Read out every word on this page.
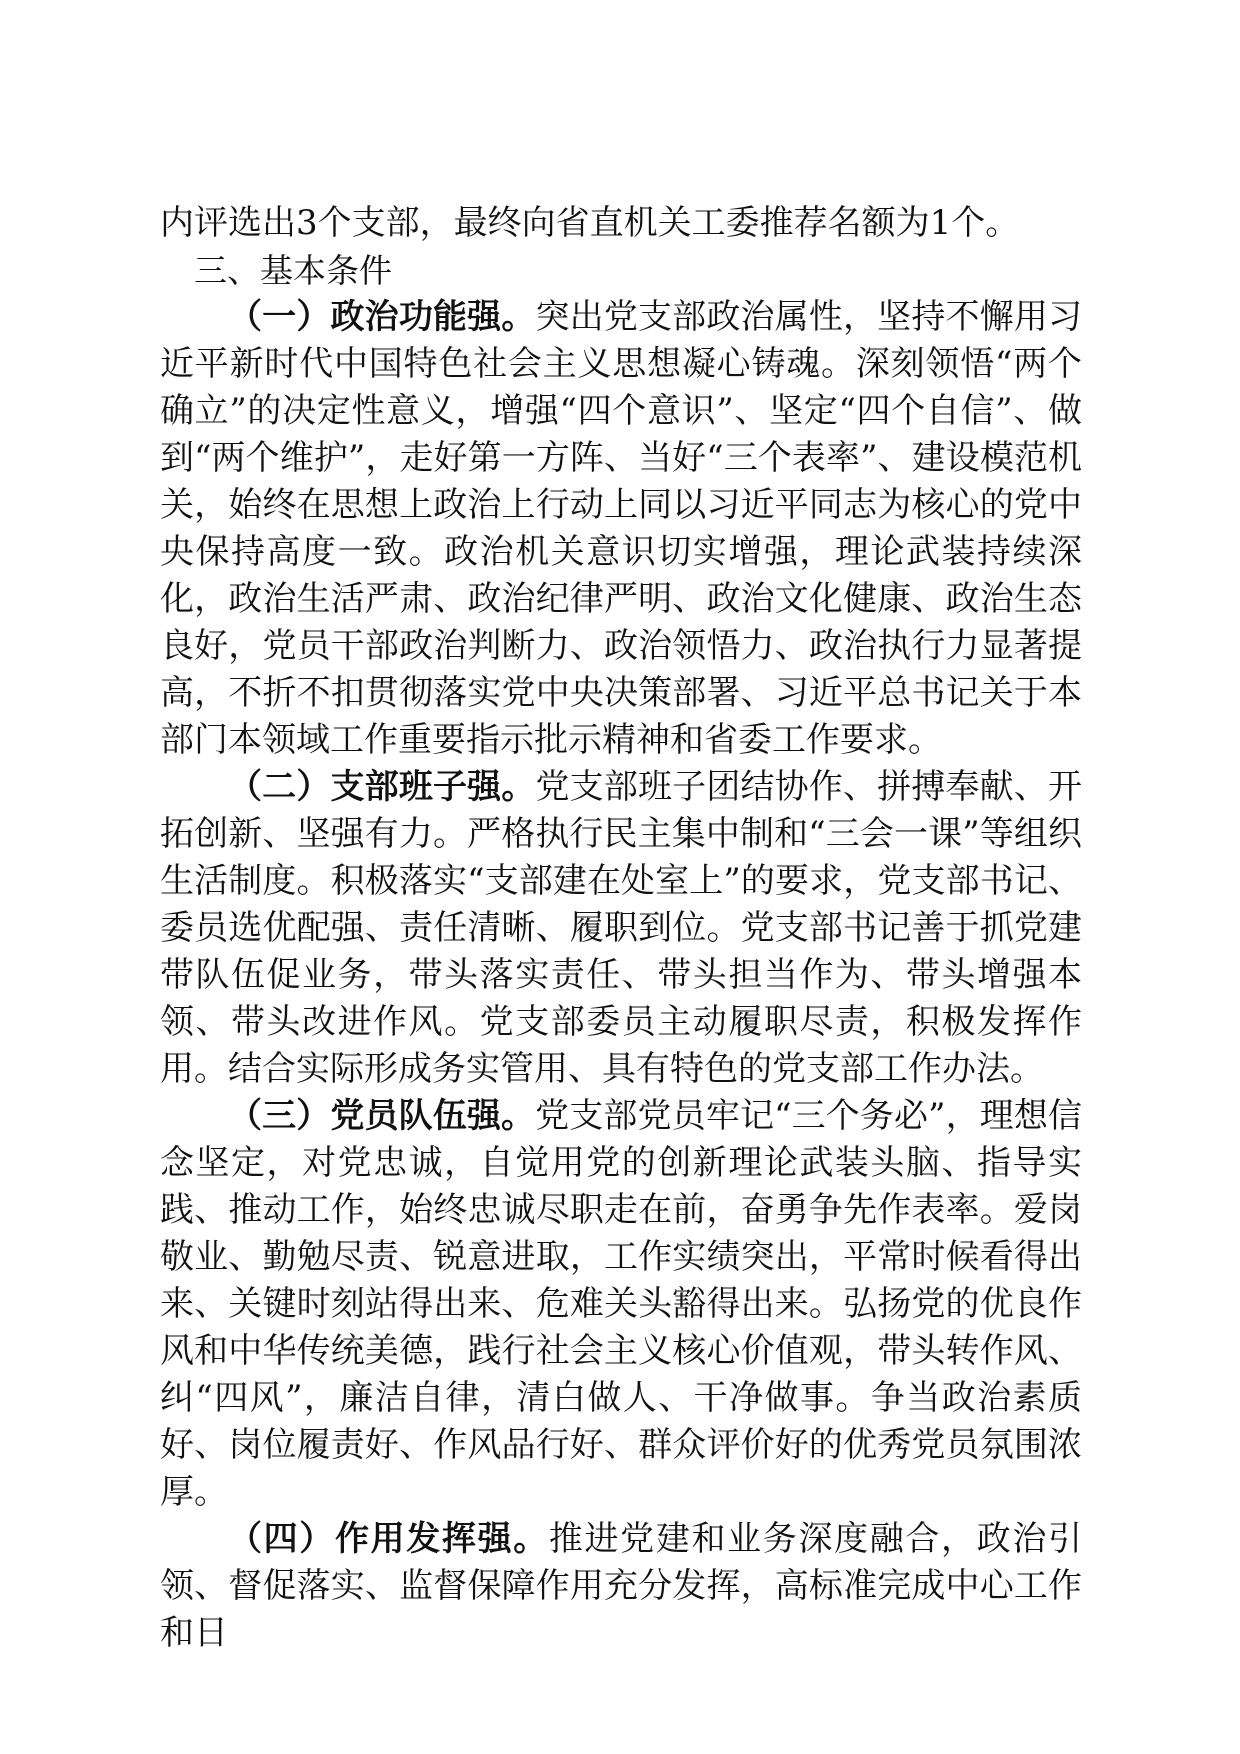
内评选出3个支部，最终向省直机关工委推荐名额为1个。

三、基本条件

（一）政治功能强。突出党支部政治属性，坚持不懈用习近平新时代中国特色社会主义思想凝心铸魂。深刻领悟“两个确立”的决定性意义，增强“四个意识”、坚定“四个自信”、做到“两个维护”，走好第一方阵、当好“三个表率”、建设模范机关，始终在思想上政治上行动上同以习近平同志为核心的党中央保持高度一致。政治机关意识切实增强，理论武装持续深化，政治生活严肃、政治纪律严明、政治文化健康、政治生态良好，党员干部政治判断力、政治领悟力、政治执行力显著提高，不折不扣贯彻落实党中央决策部署、习近平总书记关于本部门本领域工作重要指示批示精神和省委工作要求。

（二）支部班子强。党支部班子团结协作、拼搏奉献、开拓创新、坚强有力。严格执行民主集中制和“三会一课”等组织生活制度。积极落实“支部建在处室上”的要求，党支部书记、委员选优配强、责任清晰、履职到位。党支部书记善于抓党建带队伍促业务，带头落实责任、带头担当作为、带头增强本领、带头改进作风。党支部委员主动履职尽责，积极发挥作用。结合实际形成务实管用、具有特色的党支部工作办法。

（三）党员队伍强。党支部党员牢记“三个务必”，理想信念坚定，对党忠诚，自觉用党的创新理论武装头脑、指导实践、推动工作，始终忠诚尽职走在前，奋勇争先作表率。爱岗敬业、勤勉尽责、锐意进取，工作实绩突出，平常时候看得出来、关键时刻站得出来、危难关头豁得出来。弘扬党的优良作风和中华传统美德，践行社会主义核心价值观，带头转作风、纠“四风”，廉洁自律，清白做人、干净做事。争当政治素质好、岗位履责好、作风品行好、群众评价好的优秀党员氛围浓厚。

（四）作用发挥强。推进党建和业务深度融合，政治引领、督促落实、监督保障作用充分发挥，高标准完成中心工作和日
